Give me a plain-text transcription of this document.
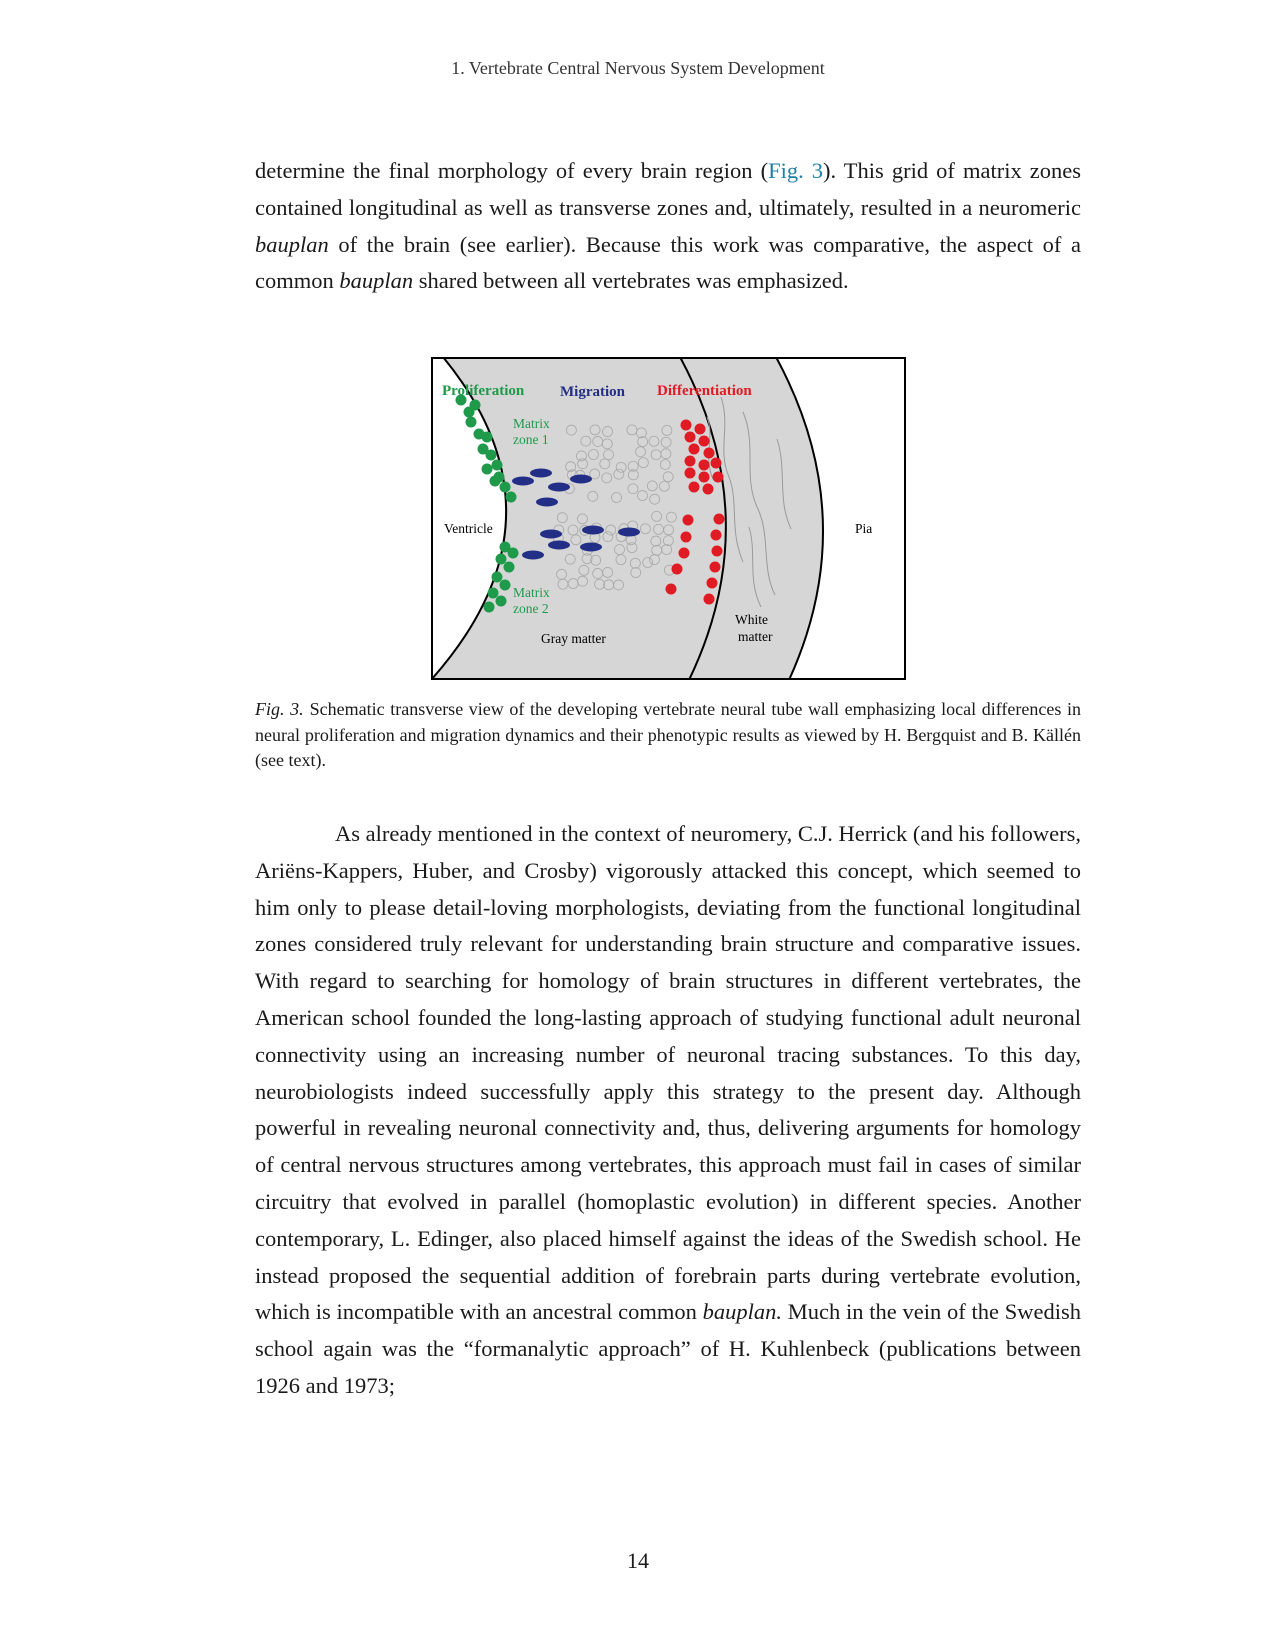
1. Vertebrate Central Nervous System Development

determine the final morphology of every brain region (Fig. 3). This grid of matrix zones contained longitudinal as well as transverse zones and, ultimately, resulted in a neuromeric bauplan of the brain (see earlier). Because this work was comparative, the aspect of a common bauplan shared between all vertebrates was emphasized.

Proliferation Migration Differentiation
Matrix
zone 1
Matrix
zone 2
Ventricle	Pia
Gray matter
White
matter

Fig. 3. Schematic transverse view of the developing vertebrate neural tube wall emphasizing local differences in neural proliferation and migration dynamics and their phenotypic results as viewed by H. Bergquist and B. Källén (see text).

As already mentioned in the context of neuromery, C.J. Herrick (and his followers, Ariëns-Kappers, Huber, and Crosby) vigorously attacked this concept, which seemed to him only to please detail-loving morphologists, deviating from the functional longitudinal zones considered truly relevant for understanding brain structure and comparative issues. With regard to searching for homology of brain structures in different vertebrates, the American school founded the long-lasting approach of studying functional adult neuronal connectivity using an increasing number of neuronal tracing substances. To this day, neurobiologists indeed successfully apply this strategy to the present day. Although powerful in revealing neuronal connectivity and, thus, delivering arguments for homology of central nervous structures among vertebrates, this approach must fail in cases of similar circuitry that evolved in parallel (homoplastic evolution) in different species. Another contemporary, L. Edinger, also placed himself against the ideas of the Swedish school. He instead proposed the sequential addition of forebrain parts during vertebrate evolution, which is incompatible with an ancestral common bauplan. Much in the vein of the Swedish school again was the “formanalytic approach” of H. Kuhlenbeck (publications between 1926 and 1973;

14
